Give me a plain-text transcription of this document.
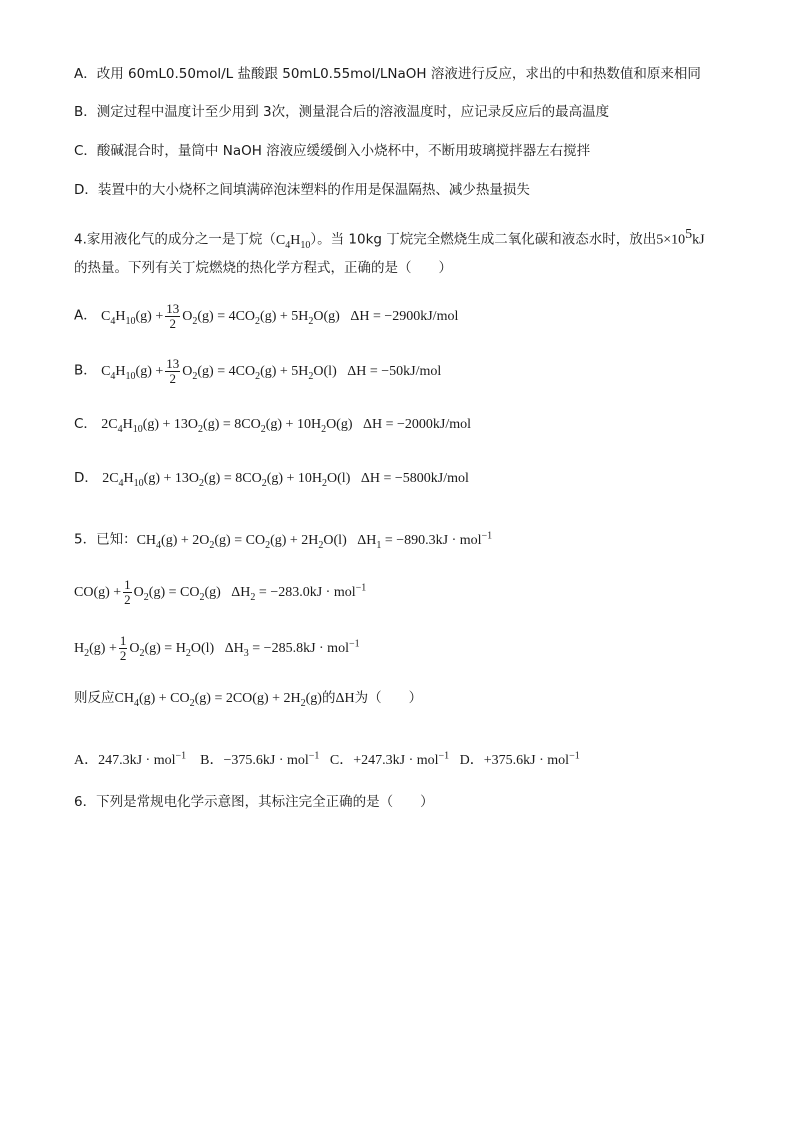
A．改用 60mL0.50mol/L 盐酸跟 50mL0.55mol/LNaOH 溶液进行反应，求出的中和热数值和原来相同
B．测定过程中温度计至少用到 3次，测量混合后的溶液温度时，应记录反应后的最高温度
C．酸碱混合时，量筒中 NaOH 溶液应缓缓倒入小烧杯中，不断用玻璃搅拌器左右搅拌
D．装置中的大小烧杯之间填满碎泡沫塑料的作用是保温隔热、减少热量损失
4.家用液化气的成分之一是丁烷$(C_4H_{10})$。当 10kg 丁烷完全燃烧生成二氧化碳和液态水时，放出$5\times 10^5kJ$
的热量。下列有关丁烷燃烧的热化学方程式，正确的是（　　）
A． $C_4H_{10}(g) + \frac{13}{2} O_2(g) = 4CO_2(g) + 5H_2O(g) \Delta H = -2900kJ/mol$
B． $C_4H_{10}(g) + \frac{13}{2} O_2(g) = 4CO_2(g) + 5H_2O(l) \Delta H = -50kJ/mol$
C． $2C_4H_{10}(g) + 13O_2(g) = 8CO_2(g) + 10H_2O(g) \Delta H = -2000kJ/mol$
D． $2C_4H_{10}(g) + 13O_2(g) = 8CO_2(g) + 10H_2O(l) \Delta H = -5800kJ/mol$
5．已知：$CH_4(g) + 2O_2(g) = CO_2(g) + 2H_2O(l) \Delta H_1 = -890.3kJ \cdot mol^{-1}$
$CO(g) + \frac{1}{2} O_2(g) = CO_2(g) \Delta H_2 = -283.0kJ \cdot mol^{-1}$
$H_2(g) + \frac{1}{2} O_2(g) = H_2O(l) \Delta H_3 = -285.8kJ \cdot mol^{-1}$
则反应$CH_4(g) + CO_2(g) = 2CO(g) + 2H_2(g)$的ΔH为（　　）
A．247.3kJ · mol$^{-1}$ B．−375.6kJ · mol$^{-1}$ C．+247.3kJ · mol$^{-1}$ D．+375.6kJ · mol$^{-1}$
6．下列是常规电化学示意图，其标注完全正确的是（　　）
